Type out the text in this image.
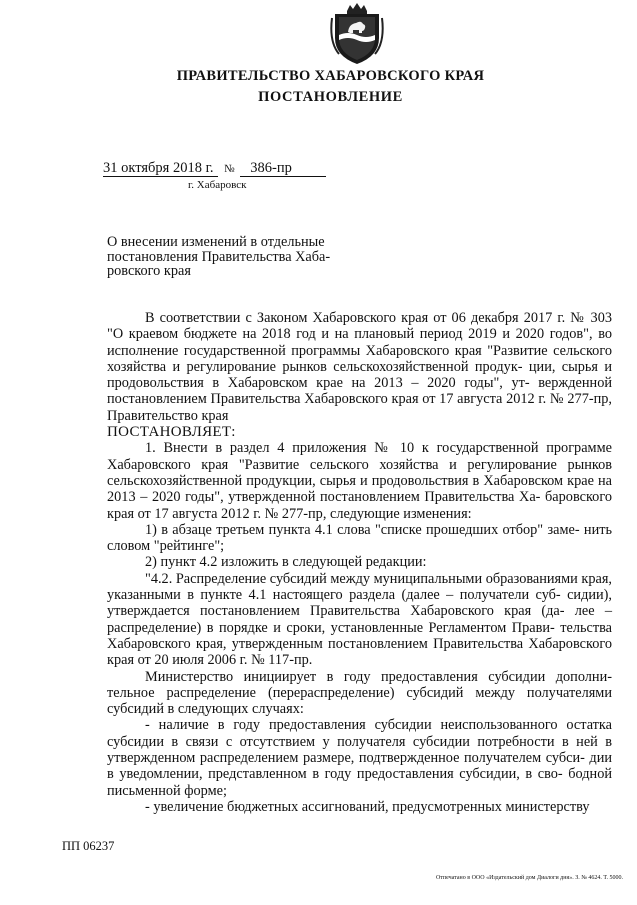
ПРАВИТЕЛЬСТВО ХАБАРОВСКОГО КРАЯ
ПОСТАНОВЛЕНИЕ
31 октября 2018 г. № 386-пр
г. Хабаровск
О внесении изменений в отдельные постановления Правительства Хаба- ровского края

В соответствии с Законом Хабаровского края от 06 декабря 2017 г. № 303 "О краевом бюджете на 2018 год и на плановый период 2019 и 2020 годов", во исполнение государственной программы Хабаровского края "Развитие сельского хозяйства и регулирование рынков сельскохозяйственной продук- ции, сырья и продовольствия в Хабаровском крае на 2013 – 2020 годы", ут- вержденной постановлением Правительства Хабаровского края от 17 августа 2012 г. № 277-пр, Правительство края

ПОСТАНОВЛЯЕТ:

1. Внести в раздел 4 приложения № 10 к государственной программе Хабаровского края "Развитие сельского хозяйства и регулирование рынков сельскохозяйственной продукции, сырья и продовольствия в Хабаровском крае на 2013 – 2020 годы", утвержденной постановлением Правительства Ха- баровского края от 17 августа 2012 г. № 277-пр, следующие изменения:

1) в абзаце третьем пункта 4.1 слова "списке прошедших отбор" заме- нить словом "рейтинге";

2) пункт 4.2 изложить в следующей редакции:

"4.2. Распределение субсидий между муниципальными образованиями края, указанными в пункте 4.1 настоящего раздела (далее – получатели суб- сидии), утверждается постановлением Правительства Хабаровского края (да- лее – распределение) в порядке и сроки, установленные Регламентом Прави- тельства Хабаровского края, утвержденным постановлением Правительства Хабаровского края от 20 июля 2006 г. № 117-пр.

Министерство инициирует в году предоставления субсидии дополни- тельное распределение (перераспределение) субсидий между получателями субсидий в следующих случаях:

- наличие в году предоставления субсидии неиспользованного остатка субсидии в связи с отсутствием у получателя субсидии потребности в ней в утвержденном распределением размере, подтвержденное получателем субси- дии в уведомлении, представленном в году предоставления субсидии, в сво- бодной письменной форме;

- увеличение бюджетных ассигнований, предусмотренных министерству

ПП 06237
Отпечатано в ООО «Издательский дом Диалоги дня». З. № 4624. Т. 5000.
